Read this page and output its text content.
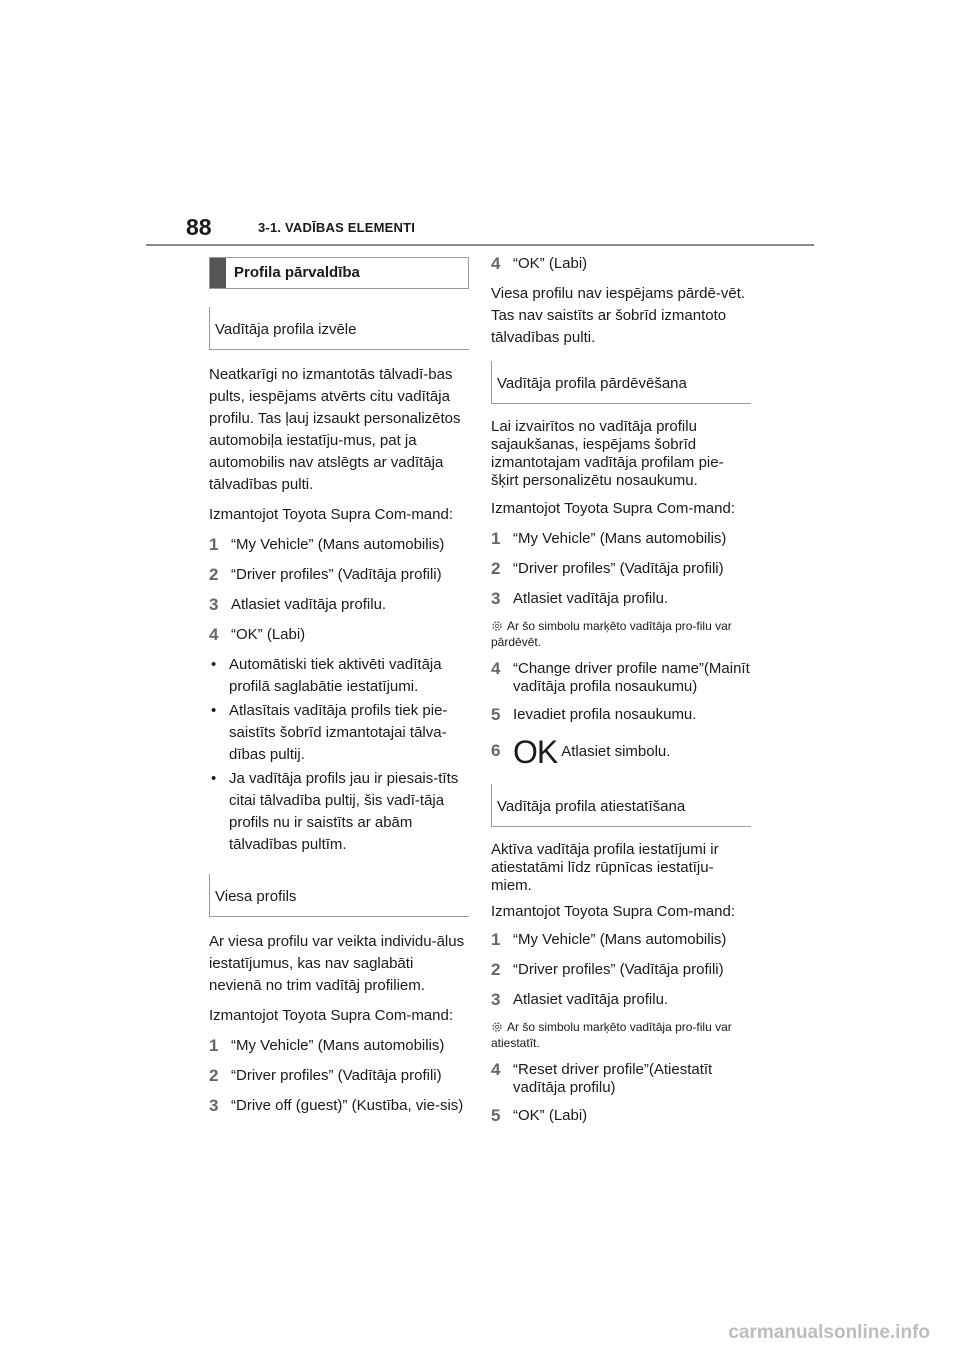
88	3-1. VADĪBAS ELEMENTI
Profila pārvaldība
Vadītāja profila izvēle

Neatkarīgi no izmantotās tālvadī-bas pults, iespējams atvērts citu vadītāja profilu. Tas ļauj izsaukt personalizētos automobiļa iestatīju-mus, pat ja automobilis nav atslēgts ar vadītāja tālvadības pulti.

Izmantojot Toyota Supra Com-mand:

1 “My Vehicle” (Mans automobilis)
2 “Driver profiles” (Vadītāja profili)
3 Atlasiet vadītāja profilu.
4 “OK” (Labi)
• Automātiski tiek aktivēti vadītāja profilā saglabātie iestatījumi.
• Atlasītais vadītāja profils tiek pie-saistīts šobrīd izmantotajai tālva-dības pultij.
• Ja vadītāja profils jau ir piesais-tīts citai tālvadība pultij, šis vadī-tāja profils nu ir saistīts ar abām tālvadības pultīm.
Viesa profils

Ar viesa profilu var veikta individu-ālus iestatījumus, kas nav saglabāti nevienā no trim vadītāj profiliem.

Izmantojot Toyota Supra Com-mand:

1 “My Vehicle” (Mans automobilis)
2 “Driver profiles” (Vadītāja profili)
3 “Drive off (guest)” (Kustība, vie-sis)
4 “OK” (Labi)

Viesa profilu nav iespējams pārdē-vēt. Tas nav saistīts ar šobrīd izmantoto tālvadības pulti.

Vadītāja profila pārdēvēšana

Lai izvairītos no vadītāja profilu sajaukšanas, iespējams šobrīd izmantotajam vadītāja profilam pie-šķirt personalizētu nosaukumu.

Izmantojot Toyota Supra Com-mand:

1 “My Vehicle” (Mans automobilis)
2 “Driver profiles” (Vadītāja profili)
3 Atlasiet vadītāja profilu.
Ar šo simbolu marķēto vadītāja pro-filu var pārdēvēt.
4 “Change driver profile name”(Mainīt vadītāja profila nosaukumu)
5 Ievadiet profila nosaukumu.
6 OK Atlasiet simbolu.
Vadītāja profila atiestatīšana

Aktīva vadītāja profila iestatījumi ir atiestatāmi līdz rūpnīcas iestatīju-miem.

Izmantojot Toyota Supra Com-mand:

1 “My Vehicle” (Mans automobilis)
2 “Driver profiles” (Vadītāja profili)
3 Atlasiet vadītāja profilu.
Ar šo simbolu marķēto vadītāja pro-filu var atiestatīt.
4 “Reset driver profile”(Atiestatīt vadītāja profilu)
5 “OK” (Labi)
carmanualsonline.info
